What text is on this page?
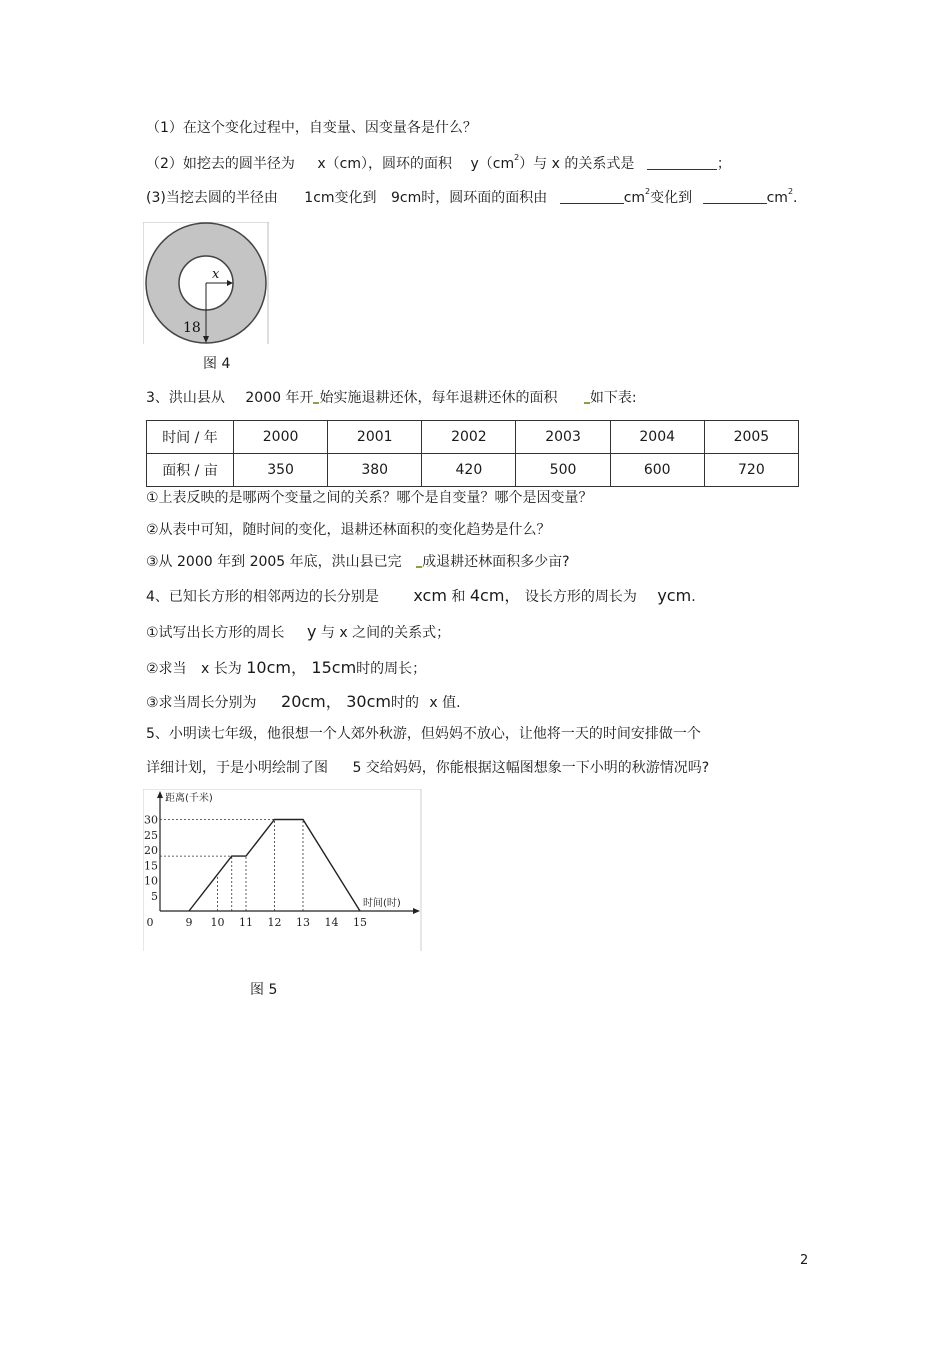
（1）在这个变化过程中，自变量、因变量各是什么？
（2）如挖去的圆半径为 x（cm），圆环的面积 $y(cm^2)$与 x 的关系式是	；
(3)当挖去圆的半径由 1cm变化到 9cm时，圆环面的面积由	$cm^2$变化到	$cm^2$.
x
18
图 4
3、洪山县从 2000 年开 始实施退耕还休，每年退耕还休的面积 如下表:
时间 / 年	2000	2001	2002	2003	2004	2005
面积 / 亩	350	380	420	500	600	720
①上表反映的是哪两个变量之间的关系？哪个是自变量？哪个是因变量？
②从表中可知，随时间的变化，退耕还林面积的变化趋势是什么？
③从 2000 年到 2005 年底，洪山县已完 成退耕还林面积多少亩?
4、已知长方形的相邻两边的长分别是 xcm 和 4cm， 设长方形的周长为 ycm.
①试写出长方形的周长 y 与 x 之间的关系式；
②求当 x 长为 10cm， 15cm时的周长；
③求当周长分别为 20cm， 30cm时的 x 值.
5、小明读七年级，他很想一个人郊外秋游，但妈妈不放心，让他将一天的时间安排做一个
详细计划，于是小明绘制了图 5 交给妈妈，你能根据这幅图想象一下小明的秋游情况吗?
0	9 10 11 12 13 14 15
5
10
15
20
25
30
距离(千米)
时间(时)
图 5
2
